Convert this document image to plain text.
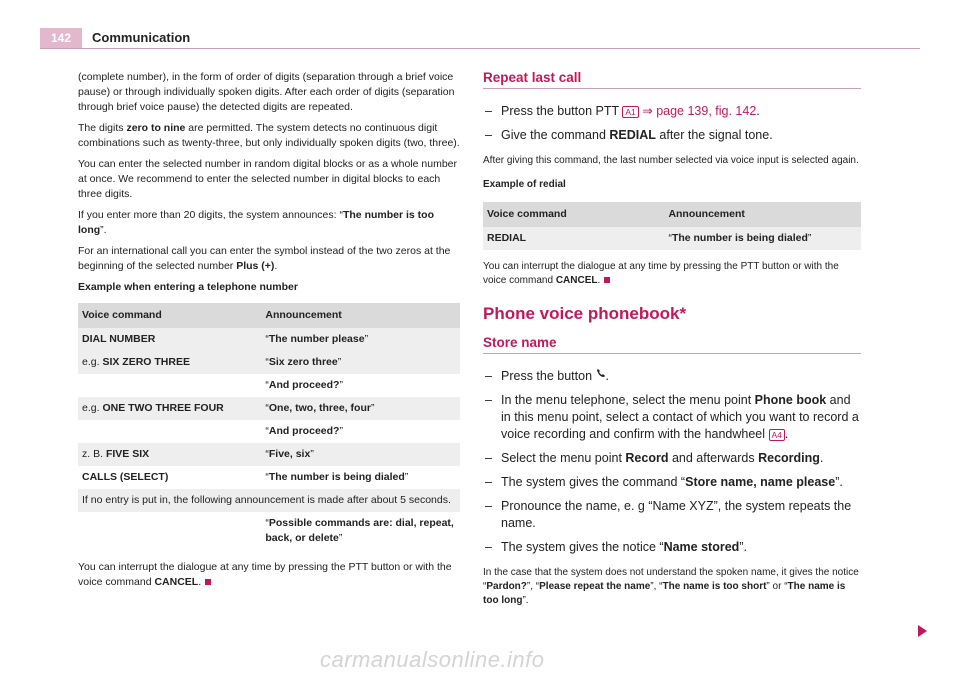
142	Communication

(complete number), in the form of order of digits (separation through a brief voice pause) or through individually spoken digits. After each order of digits (separation through brief voice pause) the detected digits are repeated.

The digits zero to nine are permitted. The system detects no continuous digit combinations such as twenty-three, but only individually spoken digits (two, three).

You can enter the selected number in random digital blocks or as a whole number at once. We recommend to enter the selected number in digital blocks to each three digits.

If you enter more than 20 digits, the system announces: “The number is too long”.

For an international call you can enter the symbol instead of the two zeros at the beginning of the selected number Plus (+).

Example when entering a telephone number

Voice command	Announcement
DIAL NUMBER	“The number please”
e.g. SIX ZERO THREE	“Six zero three”
	“And proceed?”
e.g. ONE TWO THREE FOUR	“One, two, three, four”
	“And proceed?”
z. B. FIVE SIX	“Five, six”
CALLS (SELECT)	“The number is being dialed”
If no entry is put in, the following announcement is made after about 5 seconds.	
	“Possible commands are: dial, repeat, back, or delete”

You can interrupt the dialogue at any time by pressing the PTT button or with the voice command CANCEL.

Repeat last call
– Press the button PTT A1 ⇒ page 139, fig. 142.
– Give the command REDIAL after the signal tone.

After giving this command, the last number selected via voice input is selected again.

Example of redial

Voice command	Announcement
REDIAL	“The number is being dialed”

You can interrupt the dialogue at any time by pressing the PTT button or with the voice command CANCEL.

Phone voice phonebook*
Store name
– Press the button .
– In the menu telephone, select the menu point Phone book and in this menu point, select a contact of which you want to record a voice recording and confirm with the handwheel A4 .
– Select the menu point Record and afterwards Recording.
– The system gives the command “Store name, name please”.
– Pronounce the name, e. g “Name XYZ”, the system repeats the name.
– The system gives the notice “Name stored”.

In the case that the system does not understand the spoken name, it gives the notice “Pardon?”, “Please repeat the name”, “The name is too short” or “The name is too long”.

carmanualsonline.info
